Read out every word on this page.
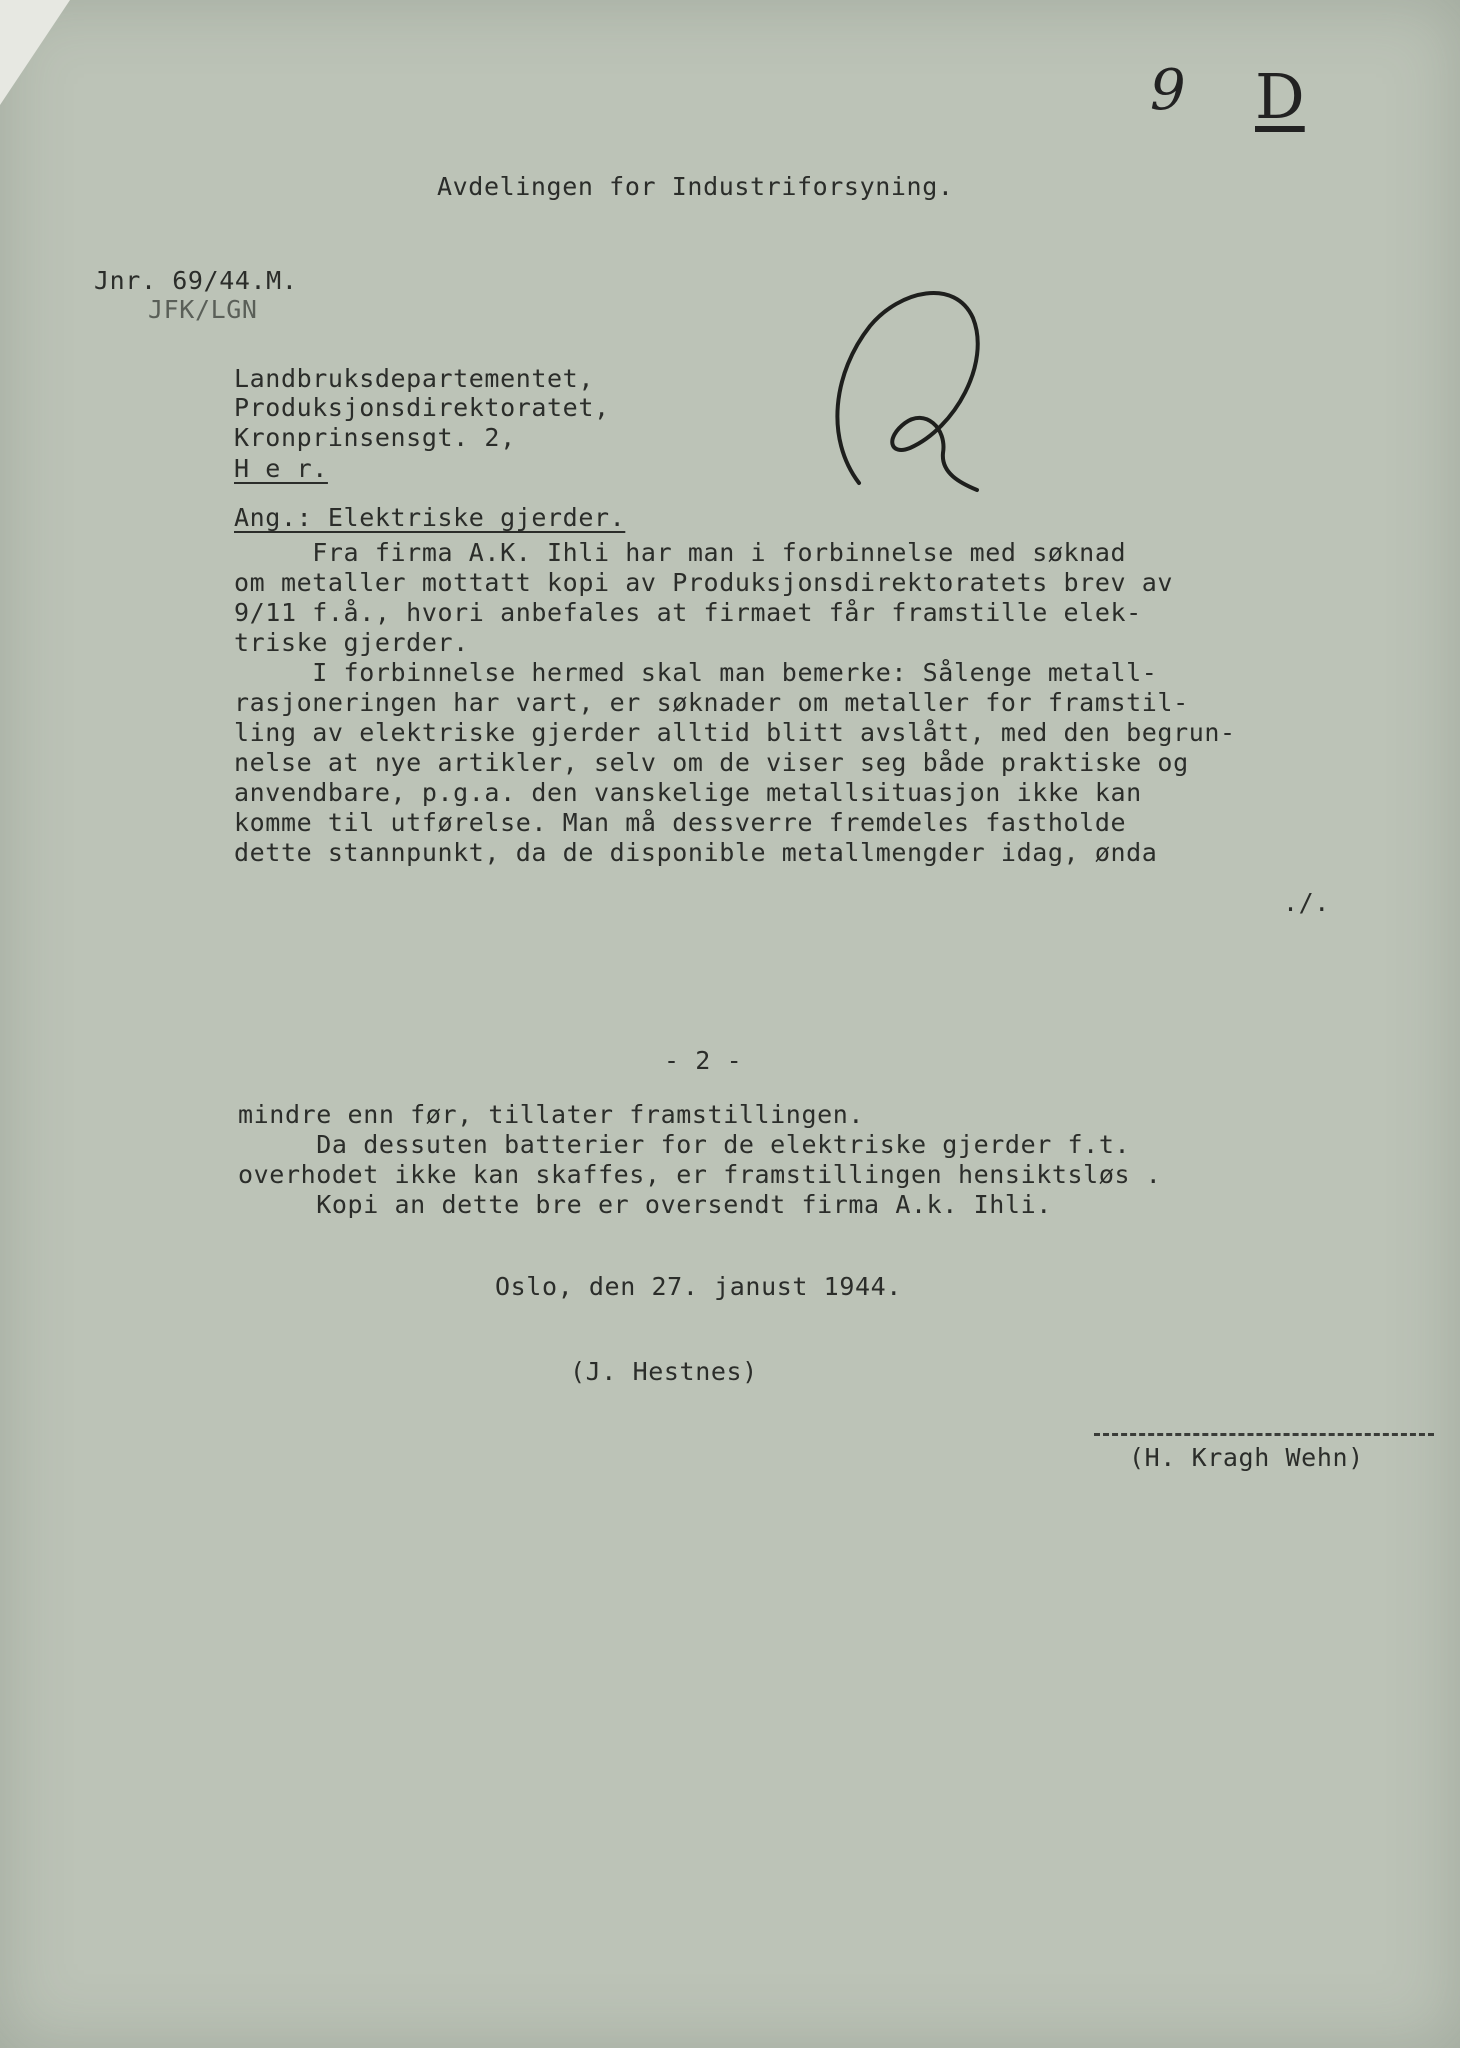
9 D
Avdelingen for Industriforsyning.
Jnr. 69/44.M.
JFK/LGN
Landbruksdepartementet,
Produksjonsdirektoratet,
Kronprinsensgt. 2,
H e r.
Ang.: Elektriske gjerder.
Fra firma A.K. Ihli har man i forbinnelse med søknad
om metaller mottatt kopi av Produksjonsdirektoratets brev av
9/11 f.å., hvori anbefales at firmaet får framstille elek-
triske gjerder.
I forbinnelse hermed skal man bemerke: Sålenge metall-
rasjoneringen har vart, er søknader om metaller for framstil-
ling av elektriske gjerder alltid blitt avslått, med den begrun-
nelse at nye artikler, selv om de viser seg både praktiske og
anvendbare, p.g.a. den vanskelige metallsituasjon ikke kan
komme til utførelse. Man må dessverre fremdeles fastholde
dette stannpunkt, da de disponible metallmengder idag, ønda
./.
- 2 -
mindre enn før, tillater framstillingen.
Da dessuten batterier for de elektriske gjerder f.t.
overhodet ikke kan skaffes, er framstillingen hensiktsløs .
Kopi an dette bre er oversendt firma A.k. Ihli.
Oslo, den 27. janust 1944.
(J. Hestnes)
(H. Kragh Wehn)
